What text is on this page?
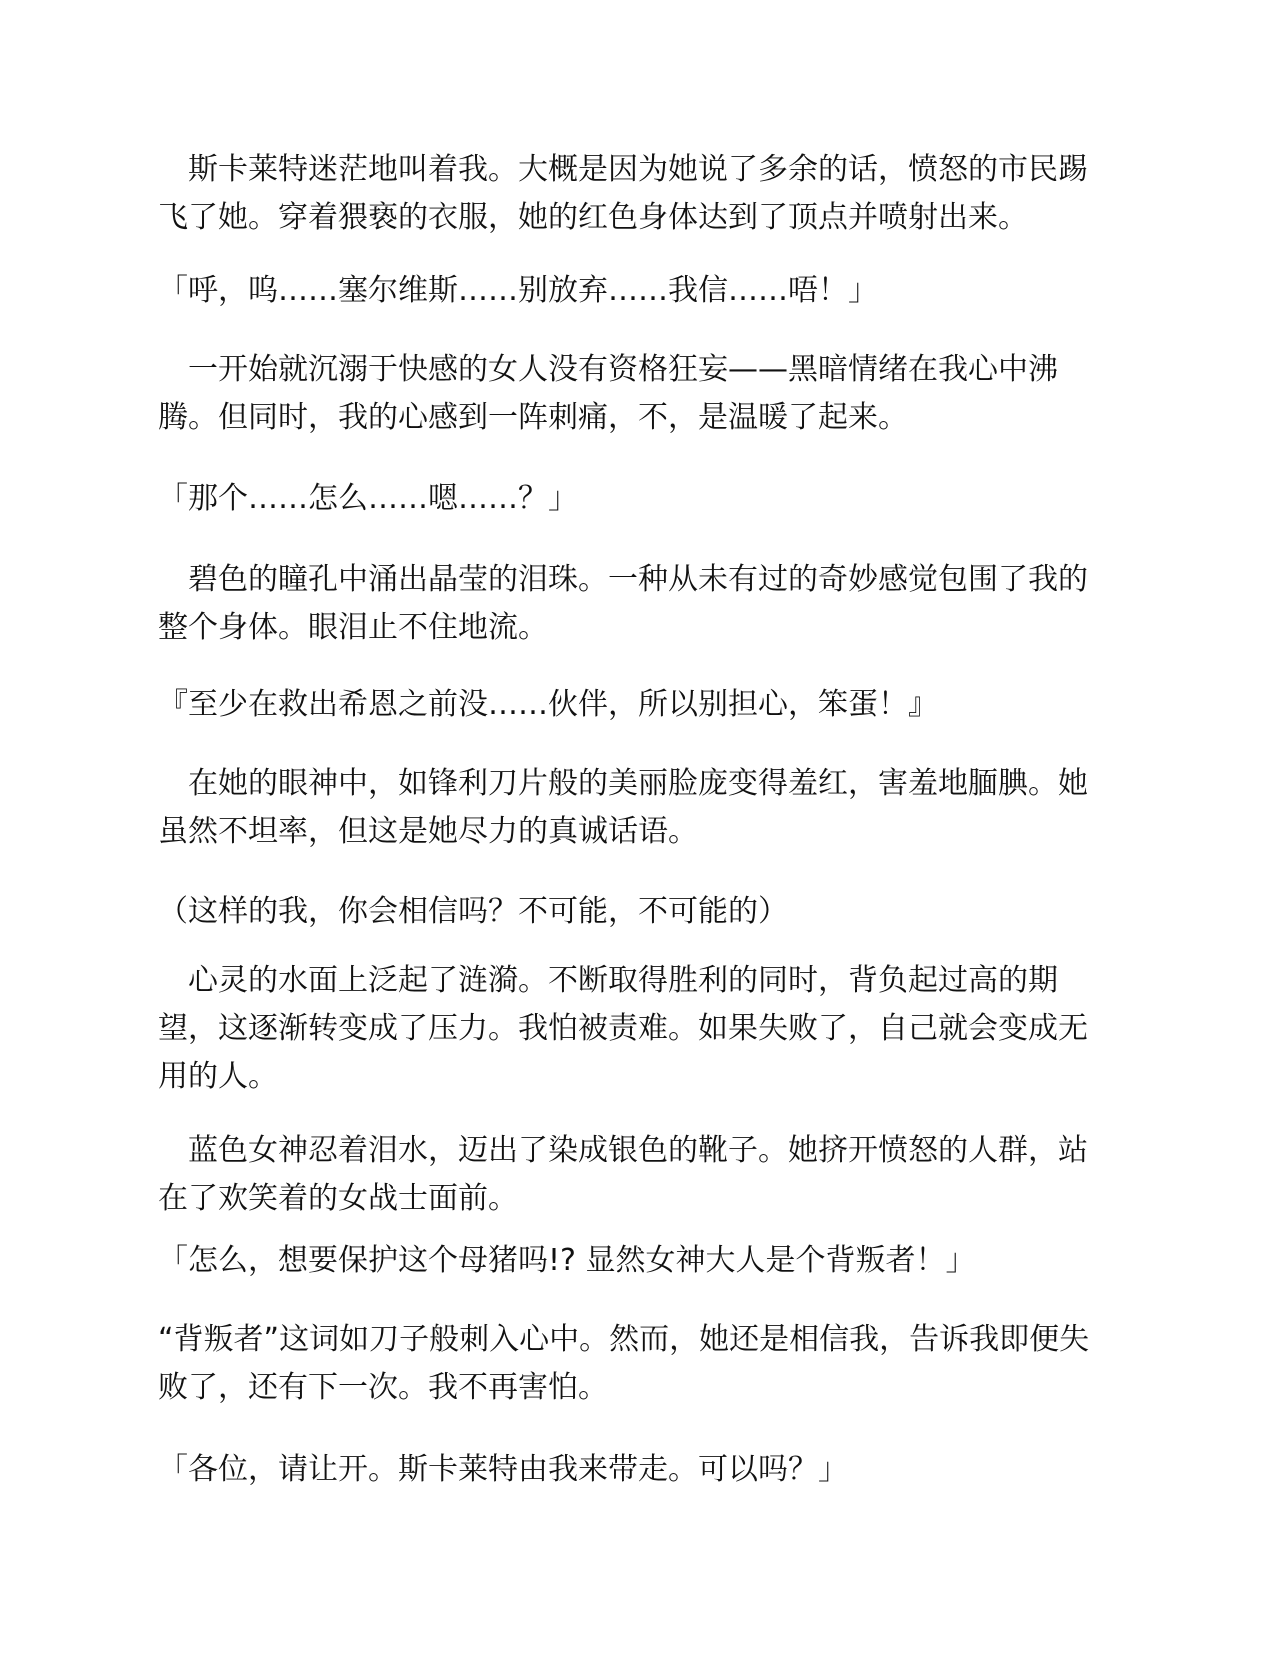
　斯卡莱特迷茫地叫着我。大概是因为她说了多余的话，愤怒的市民踢飞了她。穿着猥亵的衣服，她的红色身体达到了顶点并喷射出来。

「呼，呜……塞尔维斯……别放弃……我信……唔！」

　一开始就沉溺于快感的女人没有资格狂妄——黑暗情绪在我心中沸腾。但同时，我的心感到一阵刺痛，不，是温暖了起来。

「那个……怎么……嗯……？」

　碧色的瞳孔中涌出晶莹的泪珠。一种从未有过的奇妙感觉包围了我的整个身体。眼泪止不住地流。

『至少在救出希恩之前没……伙伴，所以别担心，笨蛋！』

　在她的眼神中，如锋利刀片般的美丽脸庞变得羞红，害羞地腼腆。她虽然不坦率，但这是她尽力的真诚话语。

（这样的我，你会相信吗？不可能，不可能的）

　心灵的水面上泛起了涟漪。不断取得胜利的同时，背负起过高的期望，这逐渐转变成了压力。我怕被责难。如果失败了，自己就会变成无用的人。

　蓝色女神忍着泪水，迈出了染成银色的靴子。她挤开愤怒的人群，站在了欢笑着的女战士面前。

「怎么，想要保护这个母猪吗!? 显然女神大人是个背叛者！」

“背叛者”这词如刀子般刺入心中。然而，她还是相信我，告诉我即便失败了，还有下一次。我不再害怕。

「各位，请让开。斯卡莱特由我来带走。可以吗？」
